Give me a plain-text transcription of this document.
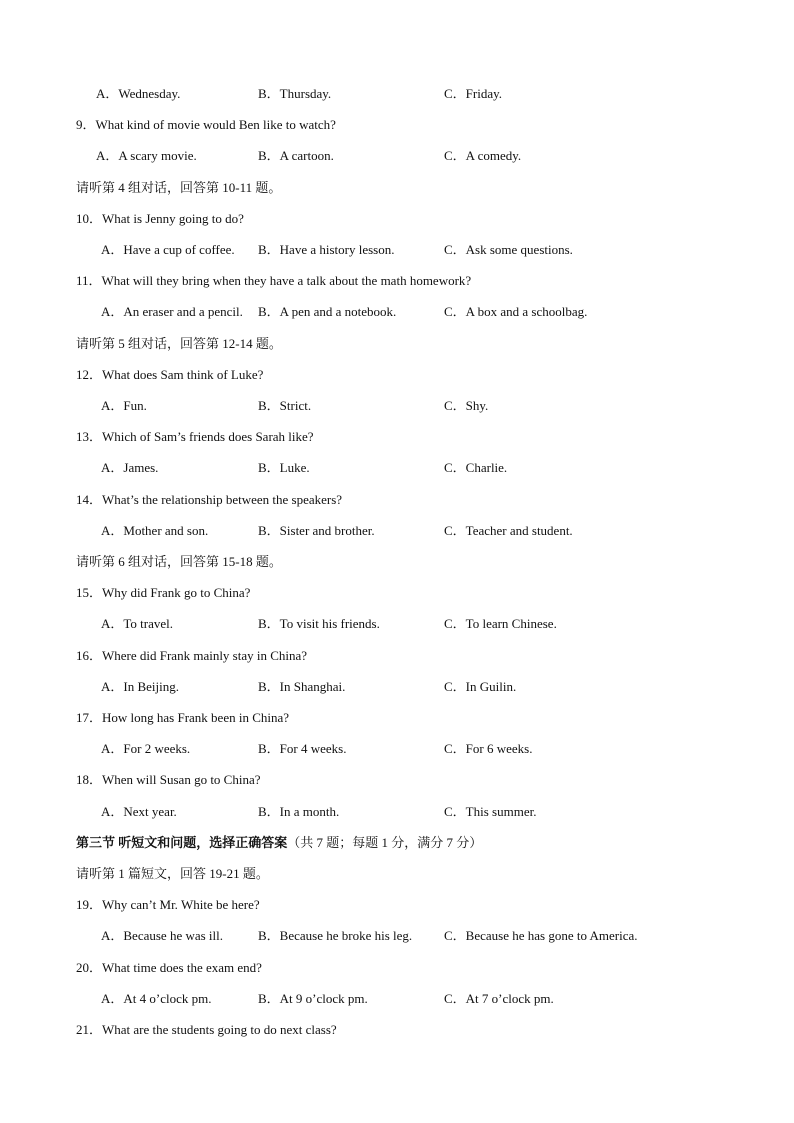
A．Wednesday.	B．Thursday.	C．Friday.
9．What kind of movie would Ben like to watch?
A．A scary movie.	B．A cartoon.	C．A comedy.
请听第 4 组对话，回答第 10-11 题。
10．What is Jenny going to do?
A．Have a cup of coffee. B．Have a history lesson.	C．Ask some questions.
11．What will they bring when they have a talk about the math homework?
A．An eraser and a pencil. B．A pen and a notebook.	C．A box and a schoolbag.
请听第 5 组对话，回答第 12-14 题。
12．What does Sam think of Luke?
A．Fun.	B．Strict.	C．Shy.
13．Which of Sam’s friends does Sarah like?
A．James.	B．Luke.	C．Charlie.
14．What’s the relationship between the speakers?
A．Mother and son.	B．Sister and brother.	C．Teacher and student.
请听第 6 组对话，回答第 15-18 题。
15．Why did Frank go to China?
A．To travel.	B．To visit his friends.	C．To learn Chinese.
16．Where did Frank mainly stay in China?
A．In Beijing.	B．In Shanghai.	C．In Guilin.
17．How long has Frank been in China?
A．For 2 weeks.	B．For 4 weeks.	C．For 6 weeks.
18．When will Susan go to China?
A．Next year.	B．In a month.	C．This summer.
第三节 听短文和问题，选择正确答案（共 7 题；每题 1 分，满分 7 分）
请听第 1 篇短文，回答 19-21 题。
19．Why can’t Mr. White be here?
A．Because he was ill.	B．Because he broke his leg. C．Because he has gone to America.
20．What time does the exam end?
A．At 4 o’clock pm.	B．At 9 o’clock pm.	C．At 7 o’clock pm.
21．What are the students going to do next class?
